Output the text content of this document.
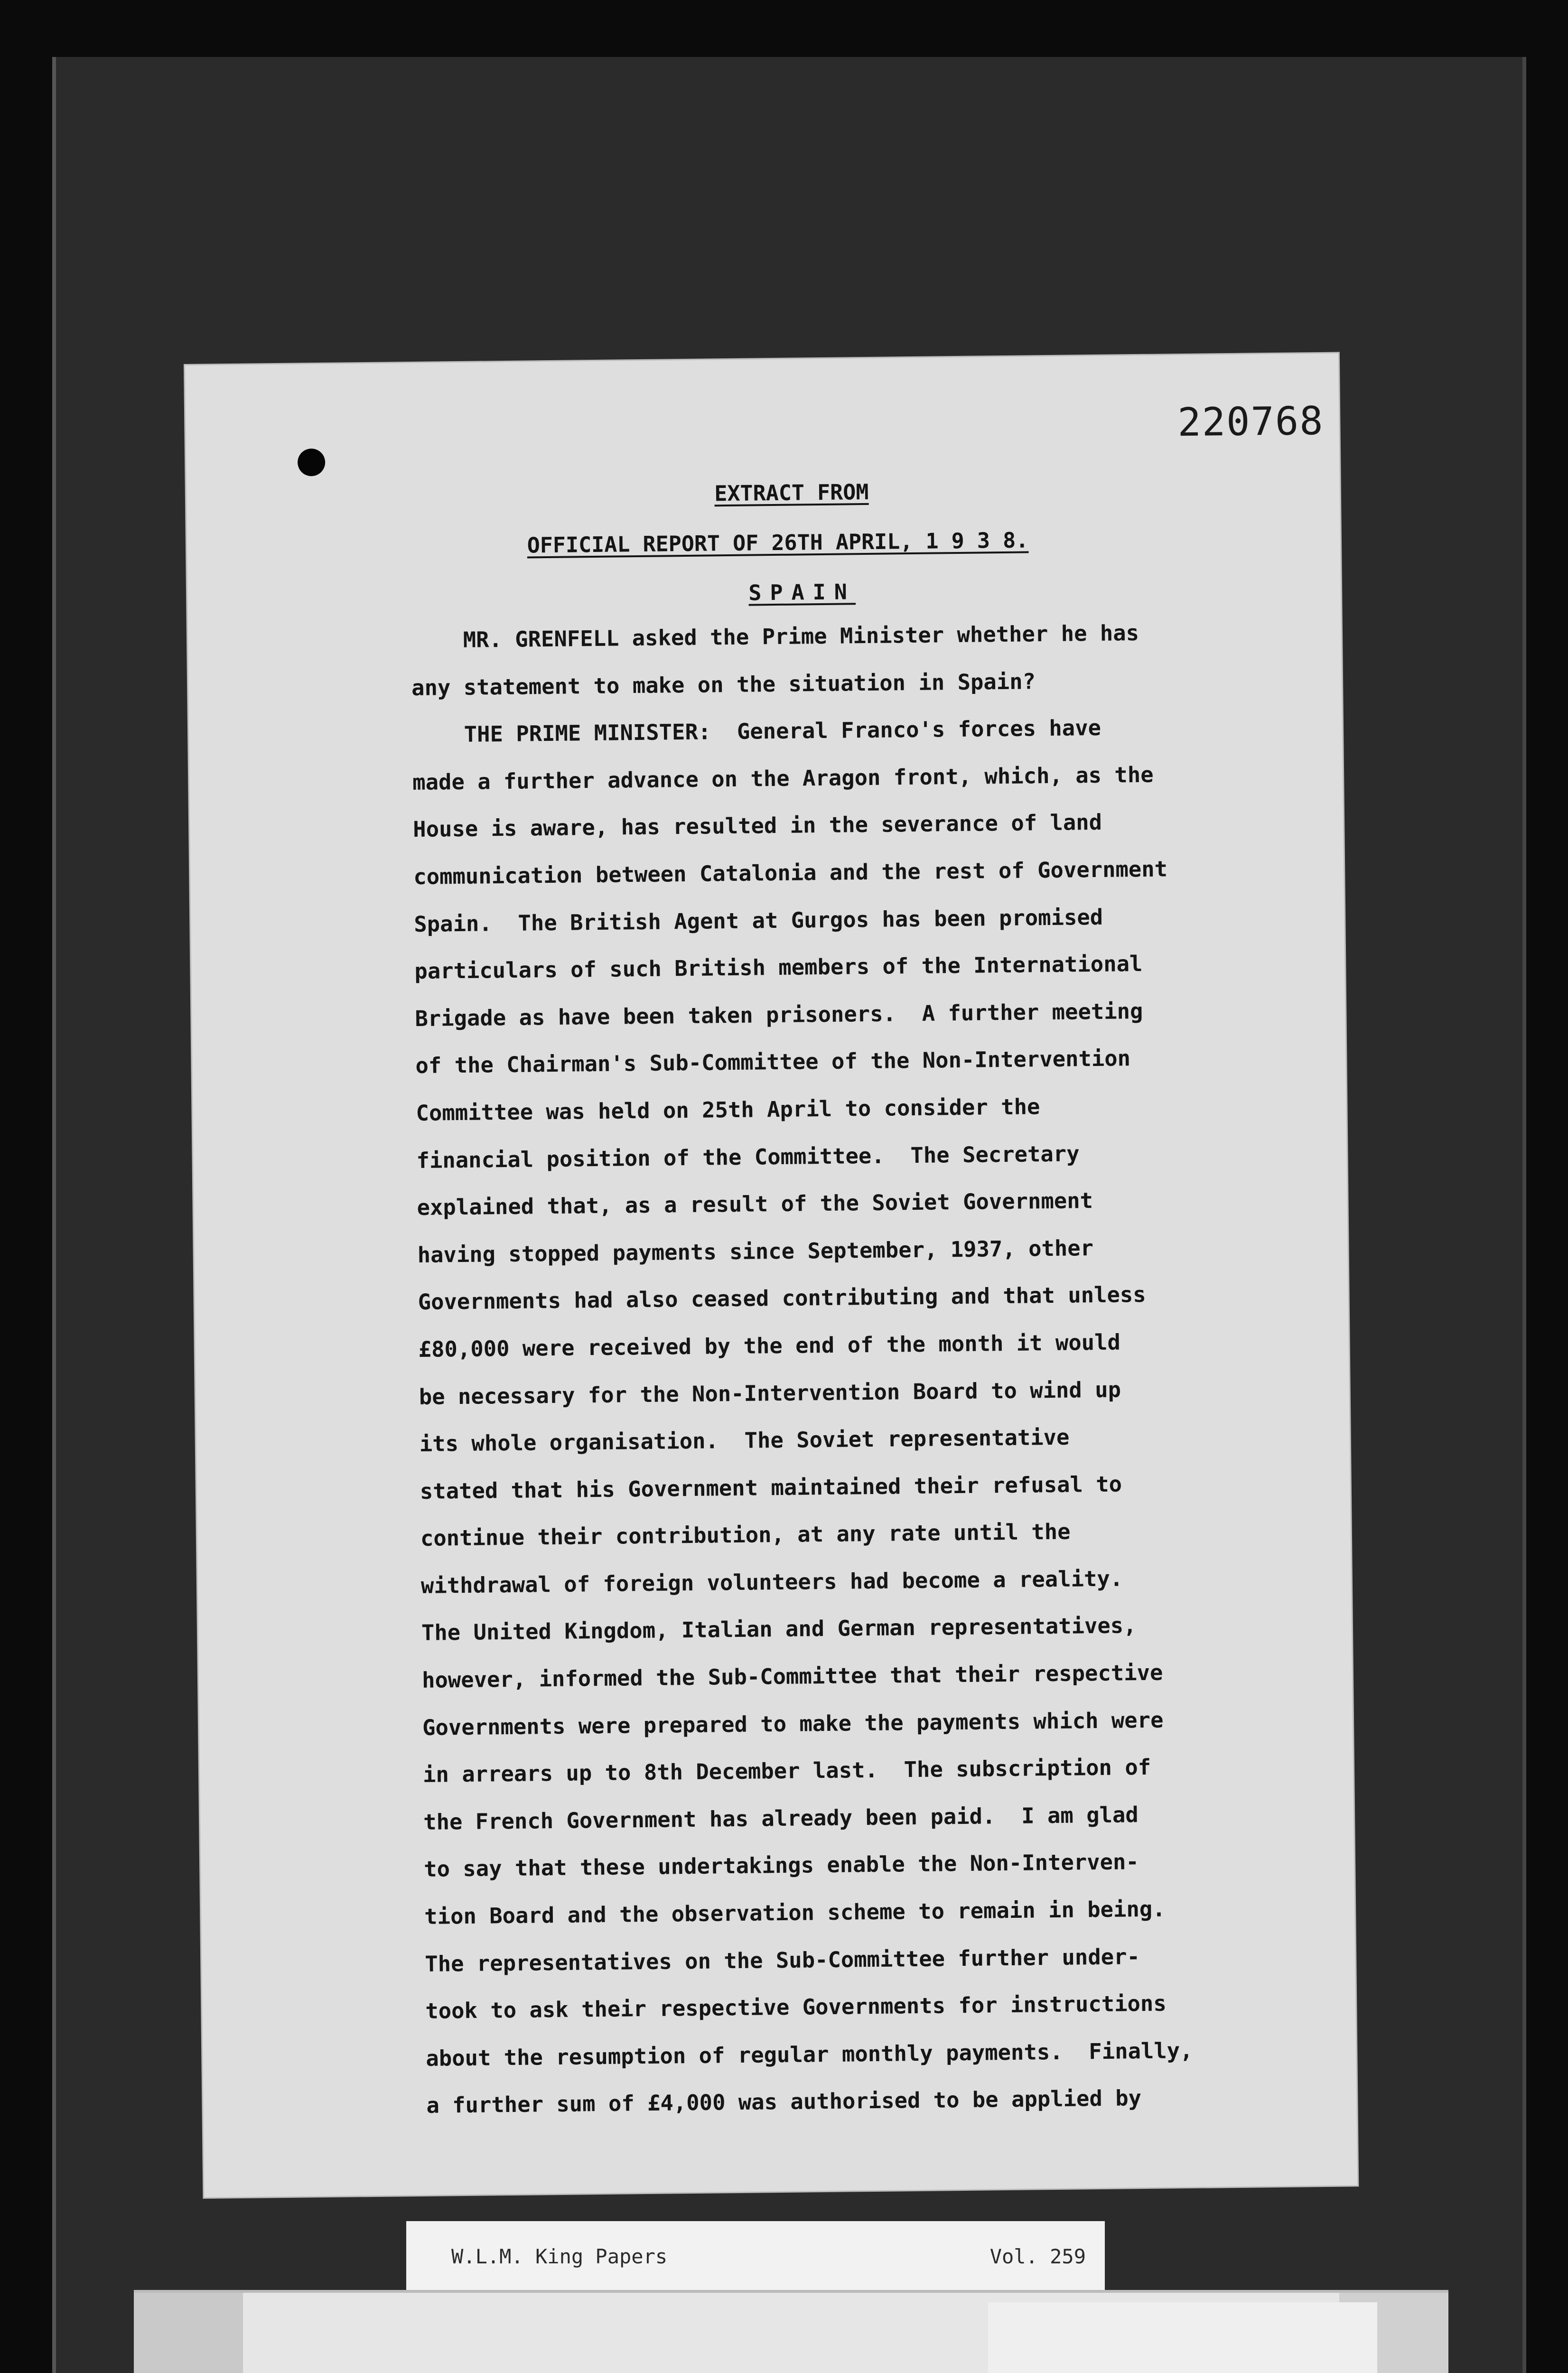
220768
EXTRACT FROM
OFFICIAL REPORT OF 26TH APRIL, 1 9 3 8.
SPAIN
MR. GRENFELL asked the Prime Minister whether he has
any statement to make on the situation in Spain?
THE PRIME MINISTER:  General Franco's forces have
made a further advance on the Aragon front, which, as the
House is aware, has resulted in the severance of land
communication between Catalonia and the rest of Government
Spain.  The British Agent at Gurgos has been promised
particulars of such British members of the International
Brigade as have been taken prisoners.  A further meeting
of the Chairman's Sub-Committee of the Non-Intervention
Committee was held on 25th April to consider the
financial position of the Committee.  The Secretary
explained that, as a result of the Soviet Government
having stopped payments since September, 1937, other
Governments had also ceased contributing and that unless
£80,000 were received by the end of the month it would
be necessary for the Non-Intervention Board to wind up
its whole organisation.  The Soviet representative
stated that his Government maintained their refusal to
continue their contribution, at any rate until the
withdrawal of foreign volunteers had become a reality.
The United Kingdom, Italian and German representatives,
however, informed the Sub-Committee that their respective
Governments were prepared to make the payments which were
in arrears up to 8th December last.  The subscription of
the French Government has already been paid.  I am glad
to say that these undertakings enable the Non-Interven-
tion Board and the observation scheme to remain in being.
The representatives on the Sub-Committee further under-
took to ask their respective Governments for instructions
about the resumption of regular monthly payments.  Finally,
a further sum of £4,000 was authorised to be applied by
W.L.M. King Papers	Vol. 259
